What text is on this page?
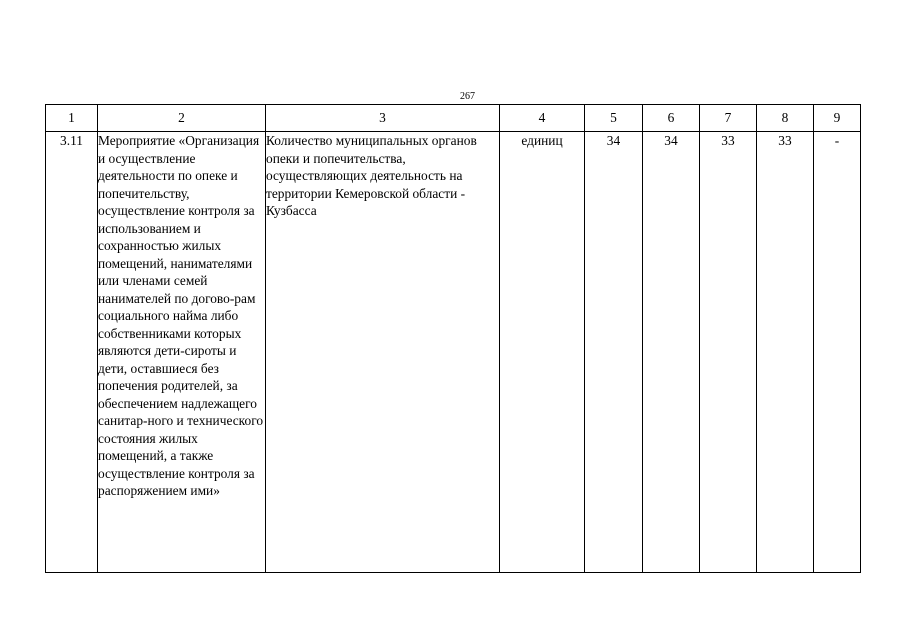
267
1	2	3	4	5	6	7	8	9
3.11	Мероприятие «Организация и осуществление деятельности по опеке и попечительству, осуществление контроля за использованием и сохранностью жилых помещений, нанимателями или членами семей нанимателей по догово-рам социального найма либо собственниками которых являются дети-сироты и дети, оставшиеся без попечения родителей, за обеспечением надлежащего санитар-ного и технического состояния жилых помещений, а также осуществление контроля за распоряжением ими»	Количество муниципальных органов опеки и попечительства, осуществляющих деятельность на территории Кемеровской области - Кузбасса	единиц	34	34	33	33	-
